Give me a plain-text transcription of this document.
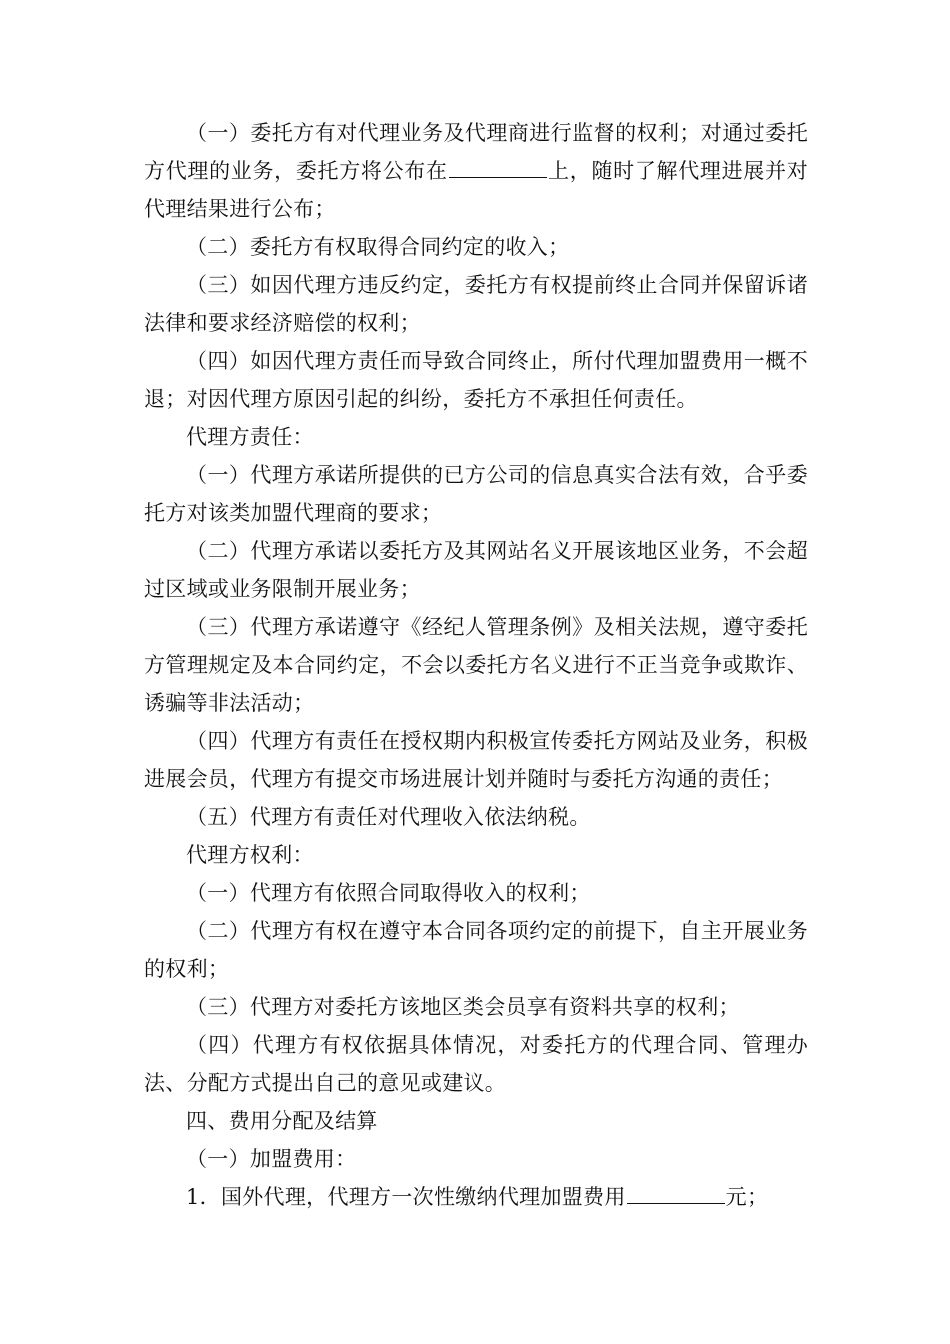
（一）委托方有对代理业务及代理商进行监督的权利；对通过委托方代理的业务，委托方将公布在	上，随时了解代理进展并对代理结果进行公布；

（二）委托方有权取得合同约定的收入；

（三）如因代理方违反约定，委托方有权提前终止合同并保留诉诸法律和要求经济赔偿的权利；

（四）如因代理方责任而导致合同终止，所付代理加盟费用一概不退；对因代理方原因引起的纠纷，委托方不承担任何责任。

代理方责任：

（一）代理方承诺所提供的已方公司的信息真实合法有效，合乎委托方对该类加盟代理商的要求；

（二）代理方承诺以委托方及其网站名义开展该地区业务，不会超过区域或业务限制开展业务；

（三）代理方承诺遵守《经纪人管理条例》及相关法规，遵守委托方管理规定及本合同约定，不会以委托方名义进行不正当竞争或欺诈、诱骗等非法活动；

（四）代理方有责任在授权期内积极宣传委托方网站及业务，积极进展会员，代理方有提交市场进展计划并随时与委托方沟通的责任；

（五）代理方有责任对代理收入依法纳税。

代理方权利：

（一）代理方有依照合同取得收入的权利；

（二）代理方有权在遵守本合同各项约定的前提下，自主开展业务的权利；

（三）代理方对委托方该地区类会员享有资料共享的权利；

（四）代理方有权依据具体情况，对委托方的代理合同、管理办法、分配方式提出自己的意见或建议。

四、费用分配及结算

（一）加盟费用：

1．国外代理，代理方一次性缴纳代理加盟费用	元；
